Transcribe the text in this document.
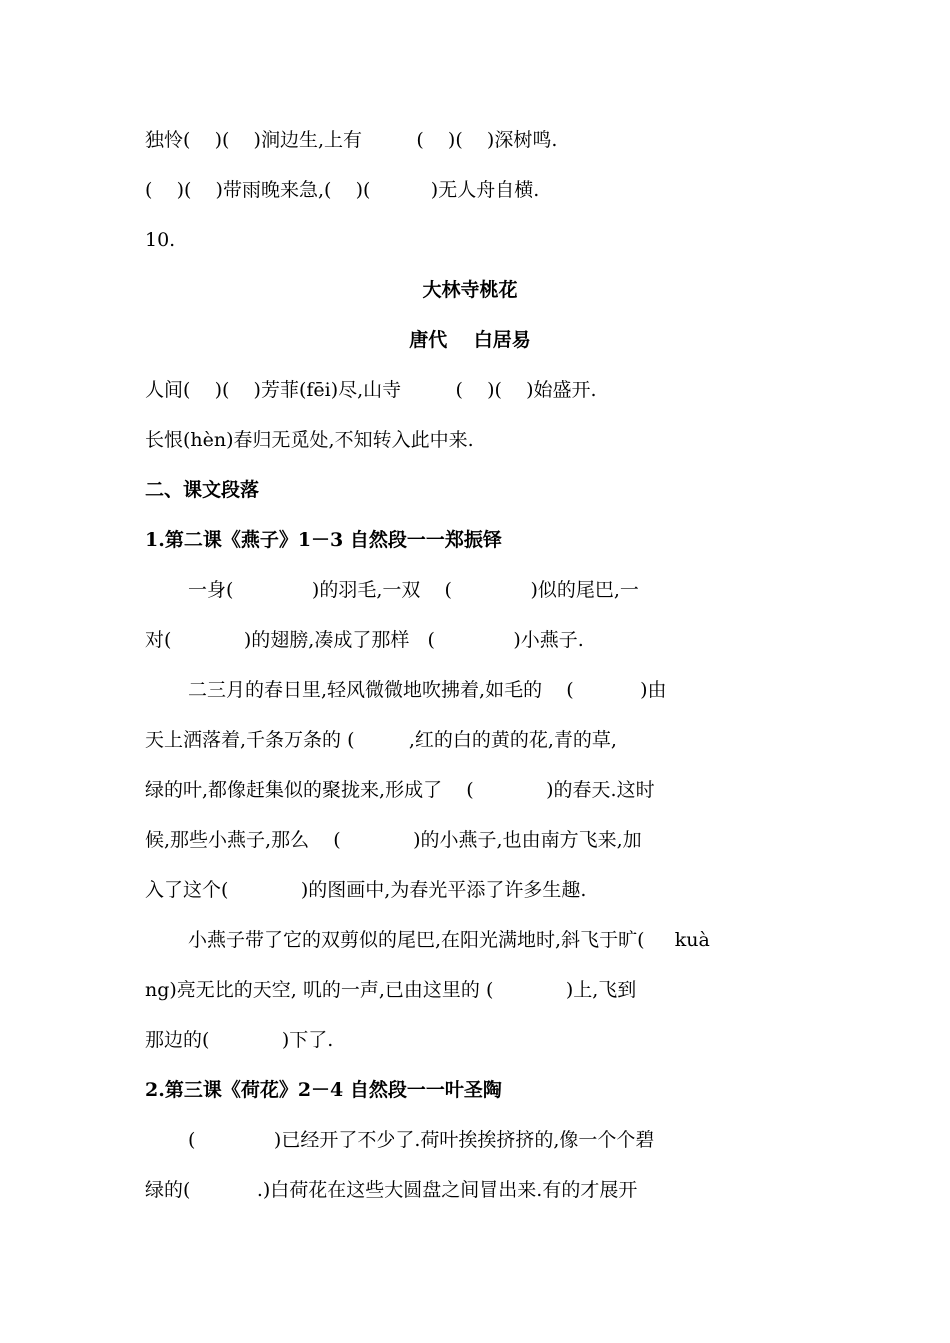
独怜(    )(    )涧边生,上有         (    )(    )深树鸣.
(    )(    )带雨晚来急,(    )(          )无人舟自横.
10.
大林寺桃花
唐代    白居易
人间(    )(    )芳菲(fēi)尽,山寺         (    )(    )始盛开.
长恨(hèn)春归无觅处,不知转入此中来.
二、课文段落
1.第二课《燕子》1－3 自然段一一郑振铎
一身(             )的羽毛,一双    (             )似的尾巴,一
对(            )的翅膀,凑成了那样   (             )小燕子.
二三月的春日里,轻风微微地吹拂着,如毛的    (           )由
天上洒落着,千条万条的 (         ,红的白的黄的花,青的草,
绿的叶,都像赶集似的聚拢来,形成了    (            )的春天.这时
候,那些小燕子,那么    (            )的小燕子,也由南方飞来,加
入了这个(            )的图画中,为春光平添了许多生趣.
小燕子带了它的双剪似的尾巴,在阳光满地时,斜飞于旷(     kuà
ng)亮无比的天空, 叽的一声,已由这里的 (            )上,飞到
那边的(            )下了.
2.第三课《荷花》2－4 自然段一一叶圣陶
(             )已经开了不少了.荷叶挨挨挤挤的,像一个个碧
绿的(           .)白荷花在这些大圆盘之间冒出来.有的才展开
